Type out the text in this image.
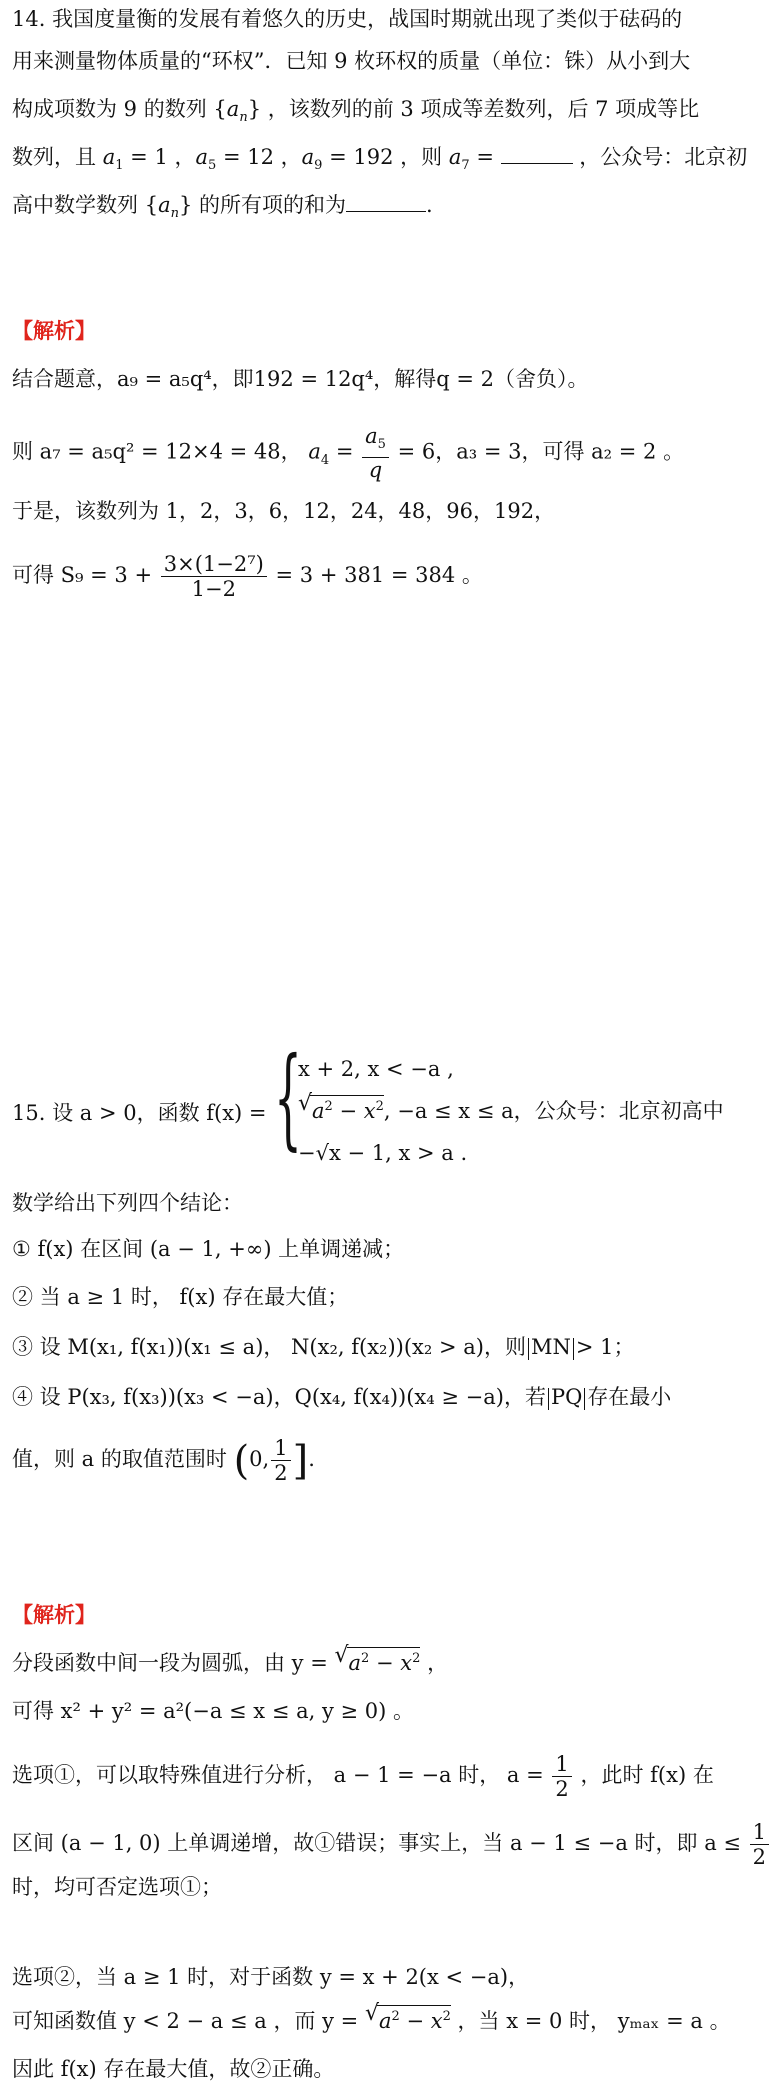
14. 我国度量衡的发展有着悠久的历史，战国时期就出现了类似于砝码的
用来测量物体质量的“环权”．已知 9 枚环权的质量（单位：铢）从小到大
构成项数为 9 的数列 $\{a_n\}$ ，该数列的前 3 项成等差数列，后 7 项成等比
数列，且 $a_1 = 1$ ，$a_5 = 12$ ，$a_9 = 192$ ，则 $a_7$ =	，公众号：北京初
高中数学数列 $\{a_n\}$ 的所有项的和为	.
【解析】
结合题意，a₉ = a₅q⁴，即192 = 12q⁴，解得q = 2（舍负）。
则 a₇ = a₅q² = 12×4 = 48， $a_4 = \frac{a_5}{q} = 6$，a₃ = 3，可得 a₂ = 2 。
于是，该数列为 1，2，3，6，12，24，48，96，192，
可得 $S_9 = 3 + \frac{\text{3×(1−2⁷)}}{1-2} = 3 + 381 = 384$ 。
15. 设 a > 0，函数 f(x) = {
x + 2, x < −a ,
√ $a^2 - x^2$, −a ≤ x ≤ a，公众号：北京初高中
−√x − 1, x > a .
数学给出下列四个结论：
① f(x) 在区间 (a − 1, +∞) 上单调递减；
② 当 a ≥ 1 时， f(x) 存在最大值；
③ 设 M(x₁, f(x₁))(x₁ ≤ a)， N(x₂, f(x₂))(x₂ > a)，则 MN > 1；
④ 设 P(x₃, f(x₃))(x₃ < −a)，Q(x₄, f(x₄))(x₄ ≥ −a)，若 PQ 存在最小
值，则 a 的取值范围时 (0, $\frac{1}{2}$ ].
【解析】
分段函数中间一段为圆弧，由 y = √ $a^2 - x^2$ ，
可得 x² + y² = a²(−a ≤ x ≤ a, y ≥ 0) 。
选项①，可以取特殊值进行分析， a − 1 = −a 时， $a = \frac{1}{2}$ ，此时 f(x) 在
区间 (a − 1, 0) 上单调递增，故①错误；事实上，当 a − 1 ≤ −a 时，即 $a \le \frac{1}{2}$
时，均可否定选项①；
选项②，当 a ≥ 1 时，对于函数 y = x + 2(x < −a)，
可知函数值 y < 2 − a ≤ a ，而 y = √ $a^2 - x^2$ ，当 x = 0 时， yₘₐₓ = a 。
因此 f(x) 存在最大值，故②正确。
